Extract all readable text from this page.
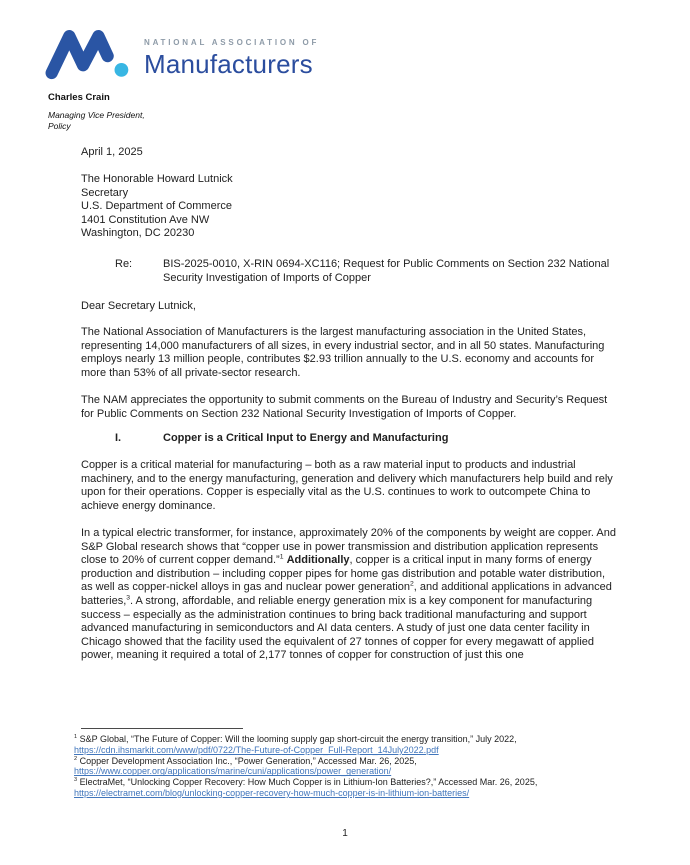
NATIONAL ASSOCIATION OF
Manufacturers
Charles Crain
Managing Vice President,
Policy
April 1, 2025
The Honorable Howard Lutnick
Secretary
U.S. Department of Commerce
1401 Constitution Ave NW
Washington, DC 20230
Re:	BIS-2025-0010, X-RIN 0694-XC116; Request for Public Comments on Section 232 National Security Investigation of Imports of Copper
Dear Secretary Lutnick,
The National Association of Manufacturers is the largest manufacturing association in the United States, representing 14,000 manufacturers of all sizes, in every industrial sector, and in all 50 states. Manufacturing employs nearly 13 million people, contributes $2.93 trillion annually to the U.S. economy and accounts for more than 53% of all private-sector research.
The NAM appreciates the opportunity to submit comments on the Bureau of Industry and Security’s Request for Public Comments on Section 232 National Security Investigation of Imports of Copper.
I.	Copper is a Critical Input to Energy and Manufacturing
Copper is a critical material for manufacturing – both as a raw material input to products and industrial machinery, and to the energy manufacturing, generation and delivery which manufacturers help build and rely upon for their operations. Copper is especially vital as the U.S. continues to work to outcompete China to achieve energy dominance.
In a typical electric transformer, for instance, approximately 20% of the components by weight are copper. And S&P Global research shows that “copper use in power transmission and distribution application represents close to 20% of current copper demand.”$^1$ Additionally, copper is a critical input in many forms of energy production and distribution – including copper pipes for home gas distribution and potable water distribution, as well as copper-nickel alloys in gas and nuclear power generation$^2$, and additional applications in advanced batteries,$^3$. A strong, affordable, and reliable energy generation mix is a key component for manufacturing success – especially as the administration continues to bring back traditional manufacturing and support advanced manufacturing in semiconductors and AI data centers. A study of just one data center facility in Chicago showed that the facility used the equivalent of 27 tonnes of copper for every megawatt of applied power, meaning it required a total of 2,177 tonnes of copper for construction of just this one
$^1$ S&P Global, “The Future of Copper: Will the looming supply gap short-circuit the energy transition,” July 2022,
https://cdn.ihsmarkit.com/www/pdf/0722/The-Future-of-Copper_Full-Report_14July2022.pdf
$^2$ Copper Development Association Inc., “Power Generation,” Accessed Mar. 26, 2025,
https://www.copper.org/applications/marine/cuni/applications/power_generation/
$^3$ ElectraMet, “Unlocking Copper Recovery: How Much Copper is in Lithium-Ion Batteries?,” Accessed Mar. 26, 2025,
https://electramet.com/blog/unlocking-copper-recovery-how-much-copper-is-in-lithium-ion-batteries/
1
